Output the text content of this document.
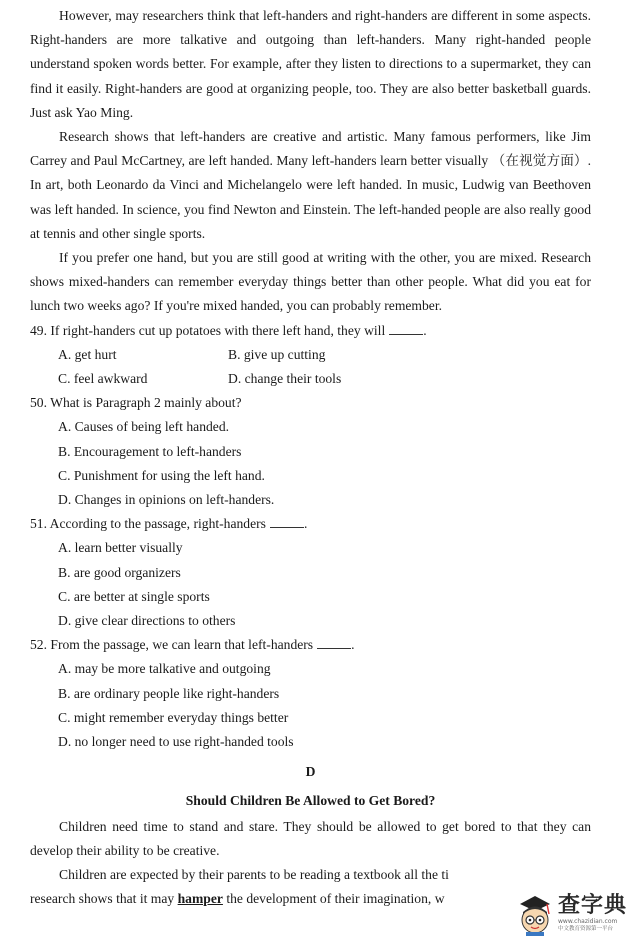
However, may researchers think that left-handers and right-handers are different in some aspects. Right-handers are more talkative and outgoing than left-handers. Many right-handed people understand spoken words better. For example, after they listen to directions to a supermarket, they can find it easily. Right-handers are good at organizing people, too. They are also better basketball guards. Just ask Yao Ming.

Research shows that left-handers are creative and artistic. Many famous performers, like Jim Carrey and Paul McCartney, are left handed. Many left-handers learn better visually （在视觉方面）. In art, both Leonardo da Vinci and Michelangelo were left handed. In music, Ludwig van Beethoven was left handed. In science, you find Newton and Einstein. The left-handed people are also really good at tennis and other single sports.

If you prefer one hand, but you are still good at writing with the other, you are mixed. Research shows mixed-handers can remember everyday things better than other people. What did you eat for lunch two weeks ago? If you're mixed handed, you can probably remember.

49. If right-handers cut up potatoes with there left hand, they will	.

A. get hurt	B. give up cutting
C. feel awkward	D. change their tools

50. What is Paragraph 2 mainly about?

A. Causes of being left handed.

B. Encouragement to left-handers

C. Punishment for using the left hand.

D. Changes in opinions on left-handers.

51. According to the passage, right-handers	.

A. learn better visually

B. are good organizers

C. are better at single sports

D. give clear directions to others

52. From the passage, we can learn that left-handers	.

A. may be more talkative and outgoing

B. are ordinary people like right-handers

C. might remember everyday things better

D. no longer need to use right-handed tools

D
Should Children Be Allowed to Get Bored?

Children need time to stand and stare. They should be allowed to get bored to that they can develop their ability to be creative.

Children are expected by their parents to be reading a textbook all the ti

research shows that it may hamper the development of their imagination, w	查字典
www.chazidian.com
中文教育资源第一平台
